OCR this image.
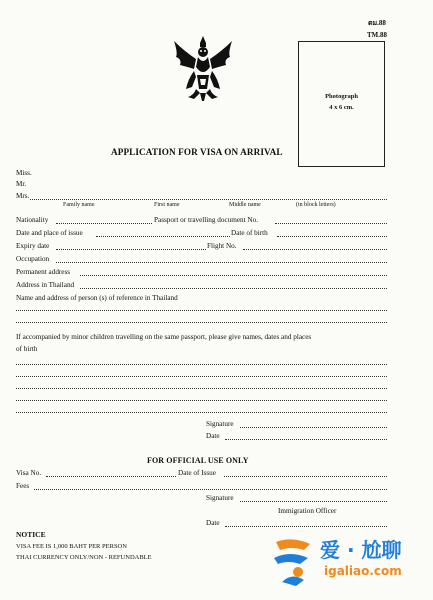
ตม.88
TM.88
Photograph
4 x 6 cm.
APPLICATION FOR VISA ON ARRIVAL
Miss.
Mr.
Mrs.
Family name	First name	Middle name	(in block letters)
Nationality	Passport or travelling document No.
Date and place of issue	Date of birth
Expiry date	Flight No.
Occupation
Permanent address
Address in Thailand
Name and address of person (s) of reference in Thailand
If accompanied by minor children travelling on the same passport, please give names, dates and places
of birth
Signature
Date
FOR OFFICIAL USE ONLY
Visa No.	Date of Issue
Fees
Signature
Immigration Officer
Date
NOTICE
VISA FEE IS 1,000 BAHT PER PERSON
THAI CURRENCY ONLY/NON - REFUNDABLE	爱 · 尬聊
igaliao.com
